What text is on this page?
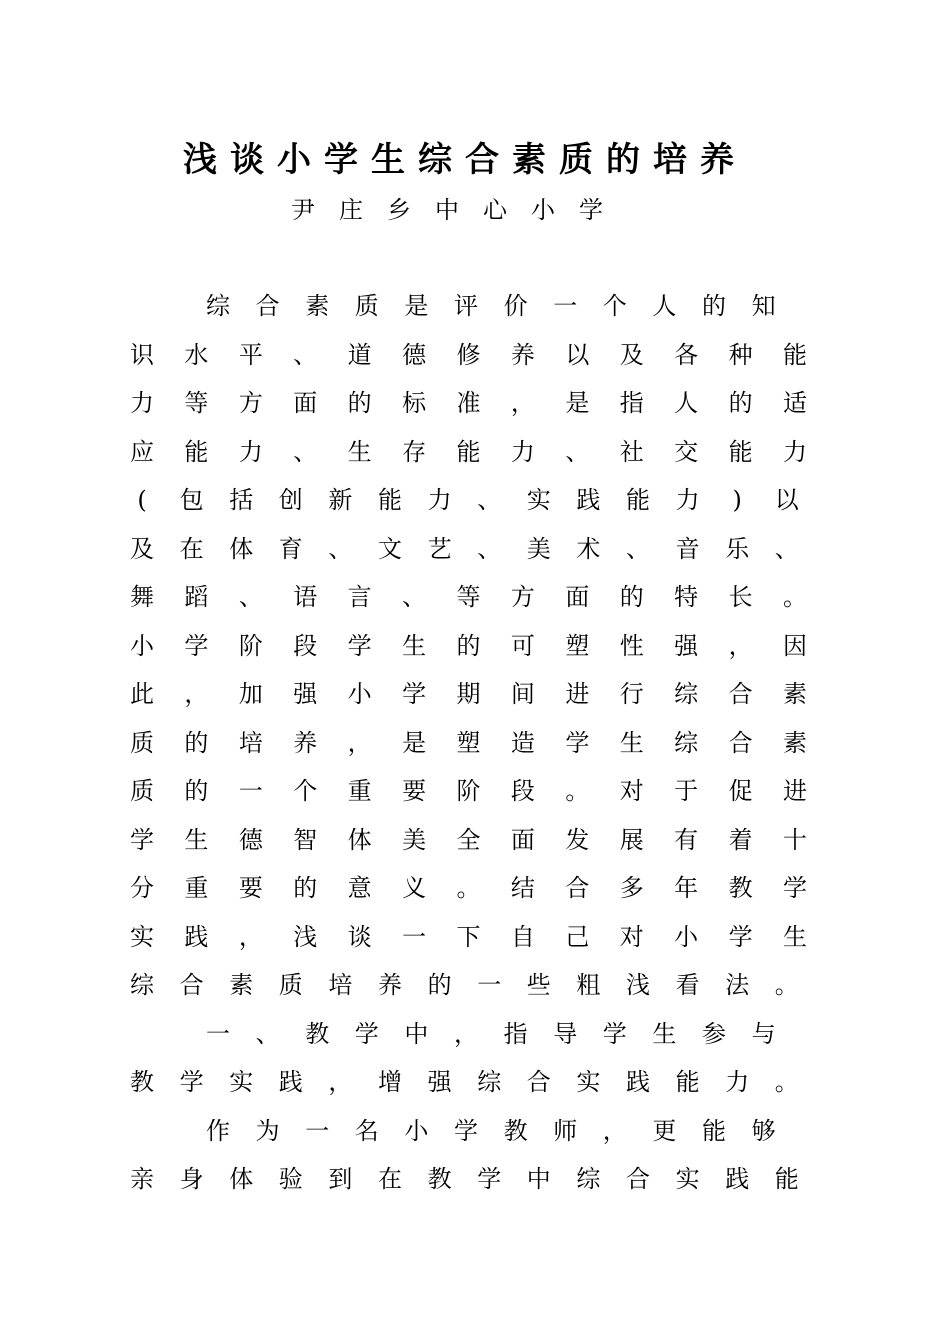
浅谈小学生综合素质的培养
尹庄乡中心小学
综 合 素 质 是 评 价 一 个 人 的 知
识 水 平 、 道 德 修 养 以 及 各 种 能
力 等 方 面 的 标 准 ， 是 指 人 的 适
应 能 力 、 生 存 能 力 、 社 交 能 力
(	包 括 创 新 能 力 、 实 践 能 力	)	以
及 在 体 育 、 文 艺 、 美 术 、 音 乐 、
舞 蹈 、 语 言 、 等 方 面 的 特 长 。
小 学 阶 段 学 生 的 可 塑 性 强 ， 因
此 ， 加 强 小 学 期 间 进 行 综 合 素
质 的 培 养 ， 是 塑 造 学 生 综 合 素
质 的 一 个 重 要 阶 段 。 对 于 促 进
学 生 德 智 体 美 全 面 发 展 有 着 十
分 重 要 的 意 义 。 结 合 多 年 教 学
实 践 ， 浅 谈 一 下 自 己 对 小 学 生
综 合 素 质 培 养 的 一 些 粗 浅 看 法 。
一 、 教 学 中 ， 指 导 学 生 参 与
教 学 实 践 ， 增 强 综 合 实 践 能 力 。
作 为 一 名 小 学 教 师 ， 更 能 够
亲 身 体 验 到 在 教 学 中 综 合 实 践 能
